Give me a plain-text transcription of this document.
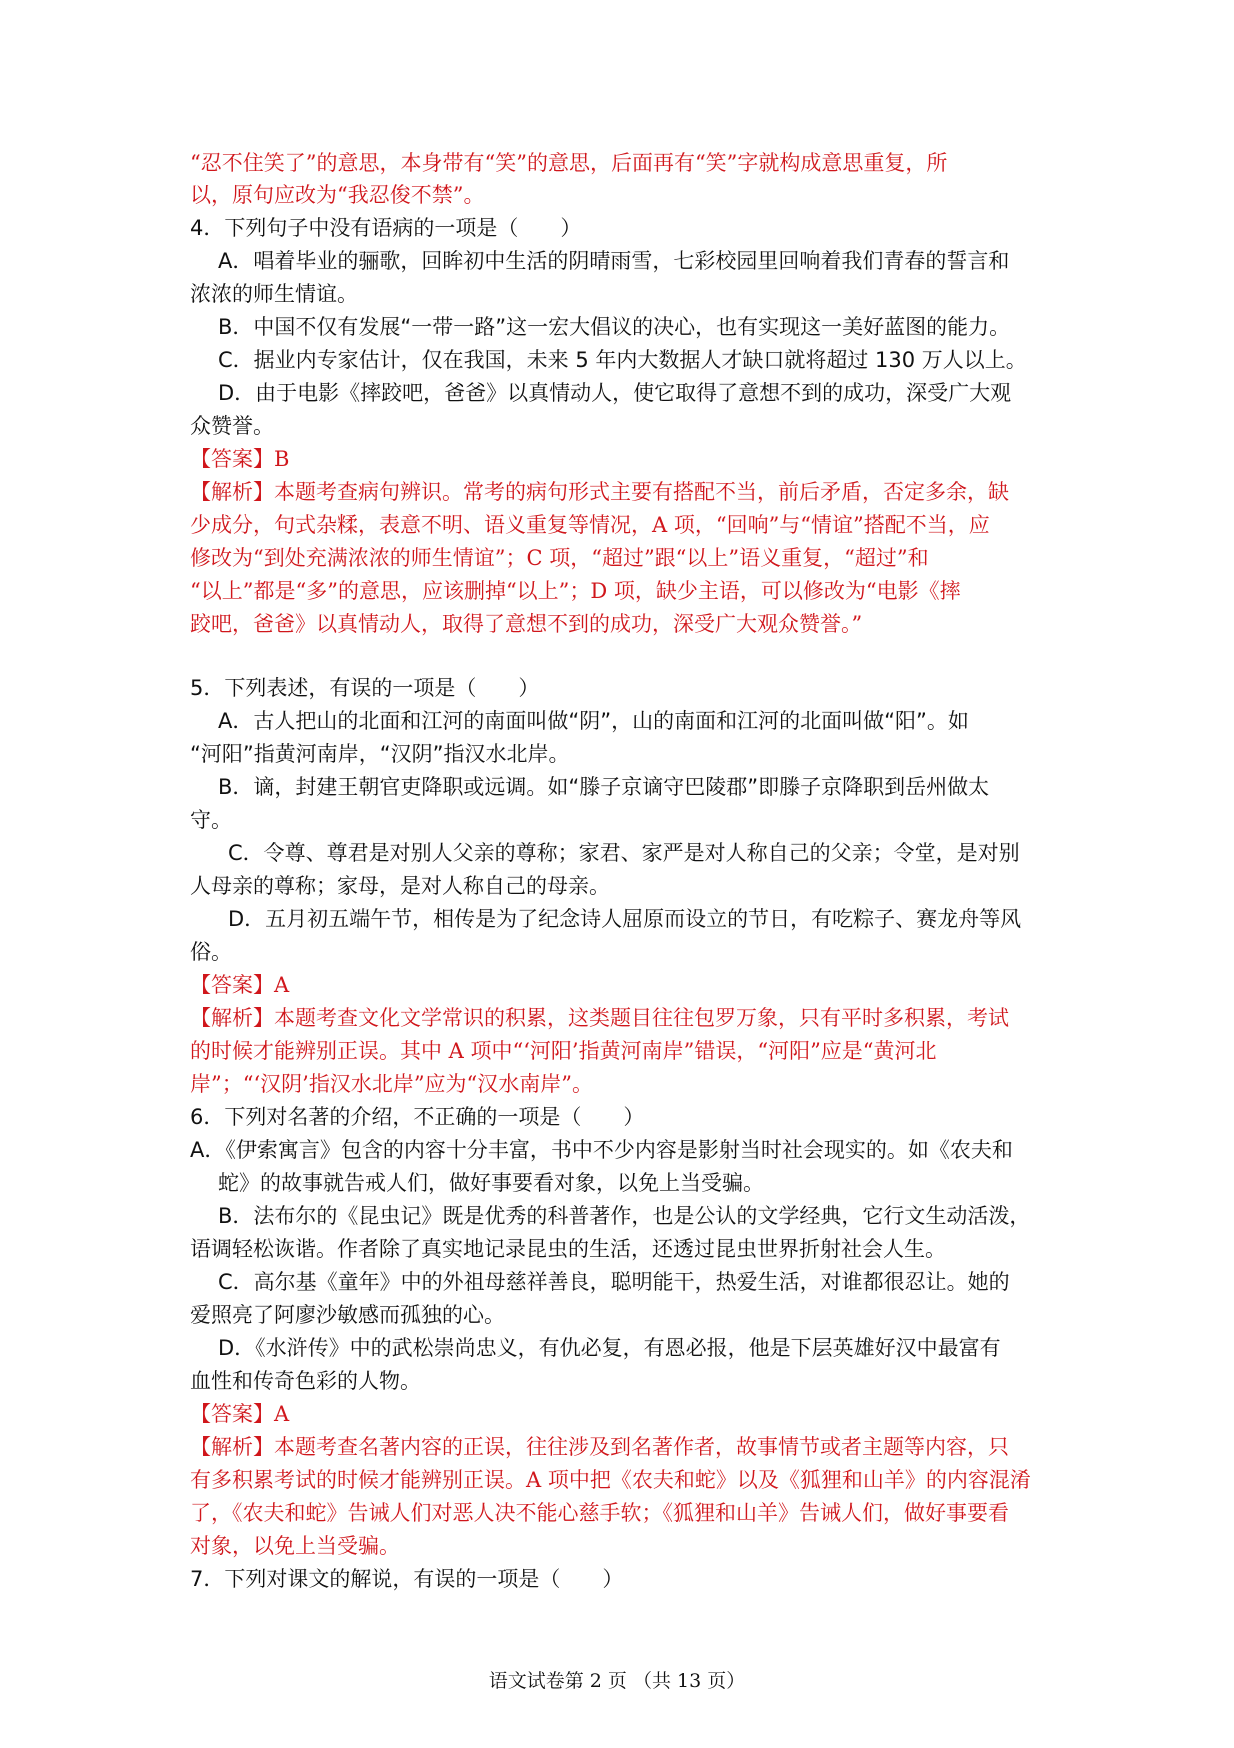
“忍不住笑了”的意思，本身带有“笑”的意思，后面再有“笑”字就构成意思重复，所

以，原句应改为“我忍俊不禁”。

4．下列句子中没有语病的一项是（　　）

A．唱着毕业的骊歌，回眸初中生活的阴晴雨雪，七彩校园里回响着我们青春的誓言和

浓浓的师生情谊。

B．中国不仅有发展“一带一路”这一宏大倡议的决心，也有实现这一美好蓝图的能力。

C．据业内专家估计，仅在我国，未来 5 年内大数据人才缺口就将超过 130 万人以上。

D．由于电影《摔跤吧，爸爸》以真情动人，使它取得了意想不到的成功，深受广大观

众赞誉。

【答案】B

【解析】本题考查病句辨识。常考的病句形式主要有搭配不当，前后矛盾，否定多余，缺

少成分，句式杂糅，表意不明、语义重复等情况，A 项，“回响”与“情谊”搭配不当，应

修改为“到处充满浓浓的师生情谊”；C 项，“超过”跟“以上”语义重复，“超过”和

“以上”都是“多”的意思，应该删掉“以上”；D 项，缺少主语，可以修改为“电影《摔

跤吧，爸爸》以真情动人，取得了意想不到的成功，深受广大观众赞誉。”

5．下列表述，有误的一项是（　　）

A．古人把山的北面和江河的南面叫做“阴”，山的南面和江河的北面叫做“阳”。如

“河阳”指黄河南岸，“汉阴”指汉水北岸。

B．谪，封建王朝官吏降职或远调。如“滕子京谪守巴陵郡”即滕子京降职到岳州做太

守。

C．令尊、尊君是对别人父亲的尊称；家君、家严是对人称自己的父亲；令堂，是对别

人母亲的尊称；家母，是对人称自己的母亲。

D．五月初五端午节，相传是为了纪念诗人屈原而设立的节日，有吃粽子、赛龙舟等风

俗。

【答案】A

【解析】本题考查文化文学常识的积累，这类题目往往包罗万象，只有平时多积累，考试

的时候才能辨别正误。其中 A 项中“‘河阳’指黄河南岸”错误，“河阳”应是“黄河北

岸”；“‘汉阴’指汉水北岸”应为“汉水南岸”。

6．下列对名著的介绍，不正确的一项是（　　）

A．《伊索寓言》包含的内容十分丰富，书中不少内容是影射当时社会现实的。如《农夫和

蛇》的故事就告戒人们，做好事要看对象，以免上当受骗。

B．法布尔的《昆虫记》既是优秀的科普著作，也是公认的文学经典，它行文生动活泼，

语调轻松诙谐。作者除了真实地记录昆虫的生活，还透过昆虫世界折射社会人生。

C．高尔基《童年》中的外祖母慈祥善良，聪明能干，热爱生活，对谁都很忍让。她的

爱照亮了阿廖沙敏感而孤独的心。

D．《水浒传》中的武松崇尚忠义，有仇必复，有恩必报，他是下层英雄好汉中最富有

血性和传奇色彩的人物。

【答案】A

【解析】本题考查名著内容的正误，往往涉及到名著作者，故事情节或者主题等内容，只

有多积累考试的时候才能辨别正误。A 项中把《农夫和蛇》以及《狐狸和山羊》的内容混淆

了，《农夫和蛇》告诫人们对恶人决不能心慈手软；《狐狸和山羊》告诫人们，做好事要看

对象，以免上当受骗。

7．下列对课文的解说，有误的一项是（　　）

语文试卷第 2 页 （共 13 页）
